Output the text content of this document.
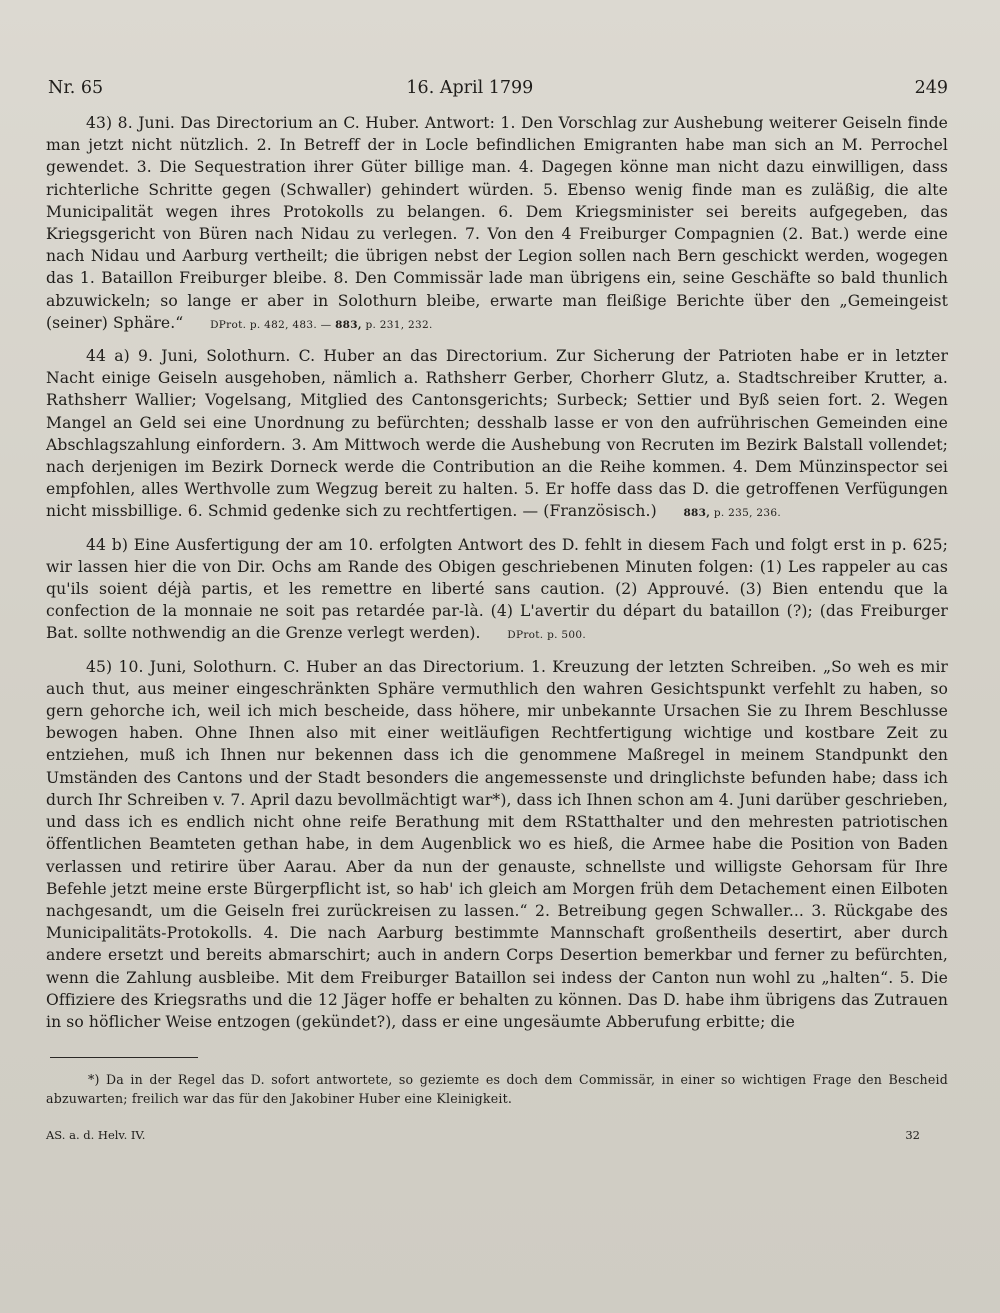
Nr. 65	16. April 1799	249

43) 8. Juni. Das Directorium an C. Huber. Antwort: 1. Den Vorschlag zur Aushebung weiterer Geiseln finde man jetzt nicht nützlich. 2. In Betreff der in Locle befindlichen Emigranten habe man sich an M. Perrochel gewendet. 3. Die Sequestration ihrer Güter billige man. 4. Dagegen könne man nicht dazu einwilligen, dass richterliche Schritte gegen (Schwaller) gehindert würden. 5. Ebenso wenig finde man es zuläßig, die alte Municipalität wegen ihres Protokolls zu belangen. 6. Dem Kriegsminister sei bereits aufgegeben, das Kriegsgericht von Büren nach Nidau zu verlegen. 7. Von den 4 Freiburger Compagnien (2. Bat.) werde eine nach Nidau und Aarburg vertheilt; die übrigen nebst der Legion sollen nach Bern geschickt werden, wogegen das 1. Bataillon Freiburger bleibe. 8. Den Commissär lade man übrigens ein, seine Geschäfte so bald thunlich abzuwickeln; so lange er aber in Solothurn bleibe, erwarte man fleißige Berichte über den „Gemeingeist (seiner) Sphäre.“   	DProt. p. 482, 483. — 883, p. 231, 232.

44 a) 9. Juni, Solothurn. C. Huber an das Directorium. Zur Sicherung der Patrioten habe er in letzter Nacht einige Geiseln ausgehoben, nämlich a. Rathsherr Gerber, Chorherr Glutz, a. Stadtschreiber Krutter, a. Rathsherr Wallier; Vogelsang, Mitglied des Cantonsgerichts; Surbeck; Settier und Byß seien fort. 2. Wegen Mangel an Geld sei eine Unordnung zu befürchten; desshalb lasse er von den aufrührischen Gemeinden eine Abschlagszahlung einfordern. 3. Am Mittwoch werde die Aushebung von Recruten im Bezirk Balstall vollendet; nach derjenigen im Bezirk Dorneck werde die Contribution an die Reihe kommen. 4. Dem Münzinspector sei empfohlen, alles Werthvolle zum Wegzug bereit zu halten. 5. Er hoffe dass das D. die getroffenen Verfügungen nicht missbillige. 6. Schmid gedenke sich zu rechtfertigen. — (Französisch.)   	883, p. 235, 236.

44 b) Eine Ausfertigung der am 10. erfolgten Antwort des D. fehlt in diesem Fach und folgt erst in p. 625; wir lassen hier die von Dir. Ochs am Rande des Obigen geschriebenen Minuten folgen: (1) Les rappeler au cas qu'ils soient déjà partis, et les remettre en liberté sans caution. (2) Approuvé. (3) Bien entendu que la confection de la monnaie ne soit pas retardée par-là. (4) L'avertir du départ du bataillon (?); (das Freiburger Bat. sollte nothwendig an die Grenze verlegt werden).   	DProt. p. 500.

45) 10. Juni, Solothurn. C. Huber an das Directorium. 1. Kreuzung der letzten Schreiben. „So weh es mir auch thut, aus meiner eingeschränkten Sphäre vermuthlich den wahren Gesichtspunkt verfehlt zu haben, so gern gehorche ich, weil ich mich bescheide, dass höhere, mir unbekannte Ursachen Sie zu Ihrem Beschlusse bewogen haben. Ohne Ihnen also mit einer weitläufigen Rechtfertigung wichtige und kostbare Zeit zu entziehen, muß ich Ihnen nur bekennen dass ich die genommene Maßregel in meinem Standpunkt den Umständen des Cantons und der Stadt besonders die angemessenste und dringlichste befunden habe; dass ich durch Ihr Schreiben v. 7. April dazu bevollmächtigt war*), dass ich Ihnen schon am 4. Juni darüber geschrieben, und dass ich es endlich nicht ohne reife Berathung mit dem RStatthalter und den mehresten patriotischen öffentlichen Beamteten gethan habe, in dem Augenblick wo es hieß, die Armee habe die Position von Baden verlassen und retirire über Aarau. Aber da nun der genauste, schnellste und willigste Gehorsam für Ihre Befehle jetzt meine erste Bürgerpflicht ist, so hab' ich gleich am Morgen früh dem Detachement einen Eilboten nachgesandt, um die Geiseln frei zurückreisen zu lassen.“ 2. Betreibung gegen Schwaller... 3. Rückgabe des Municipalitäts-Protokolls. 4. Die nach Aarburg bestimmte Mannschaft großentheils desertirt, aber durch andere ersetzt und bereits abmarschirt; auch in andern Corps Desertion bemerkbar und ferner zu befürchten, wenn die Zahlung ausbleibe. Mit dem Freiburger Bataillon sei indess der Canton nun wohl zu „halten“. 5. Die Offiziere des Kriegsraths und die 12 Jäger hoffe er behalten zu können. Das D. habe ihm übrigens das Zutrauen in so höflicher Weise entzogen (gekündet?), dass er eine ungesäumte Abberufung erbitte; die

*) Da in der Regel das D. sofort antwortete, so geziemte es doch dem Commissär, in einer so wichtigen Frage den Bescheid abzuwarten; freilich war das für den Jakobiner Huber eine Kleinigkeit.

AS. a. d. Helv. IV.	32
